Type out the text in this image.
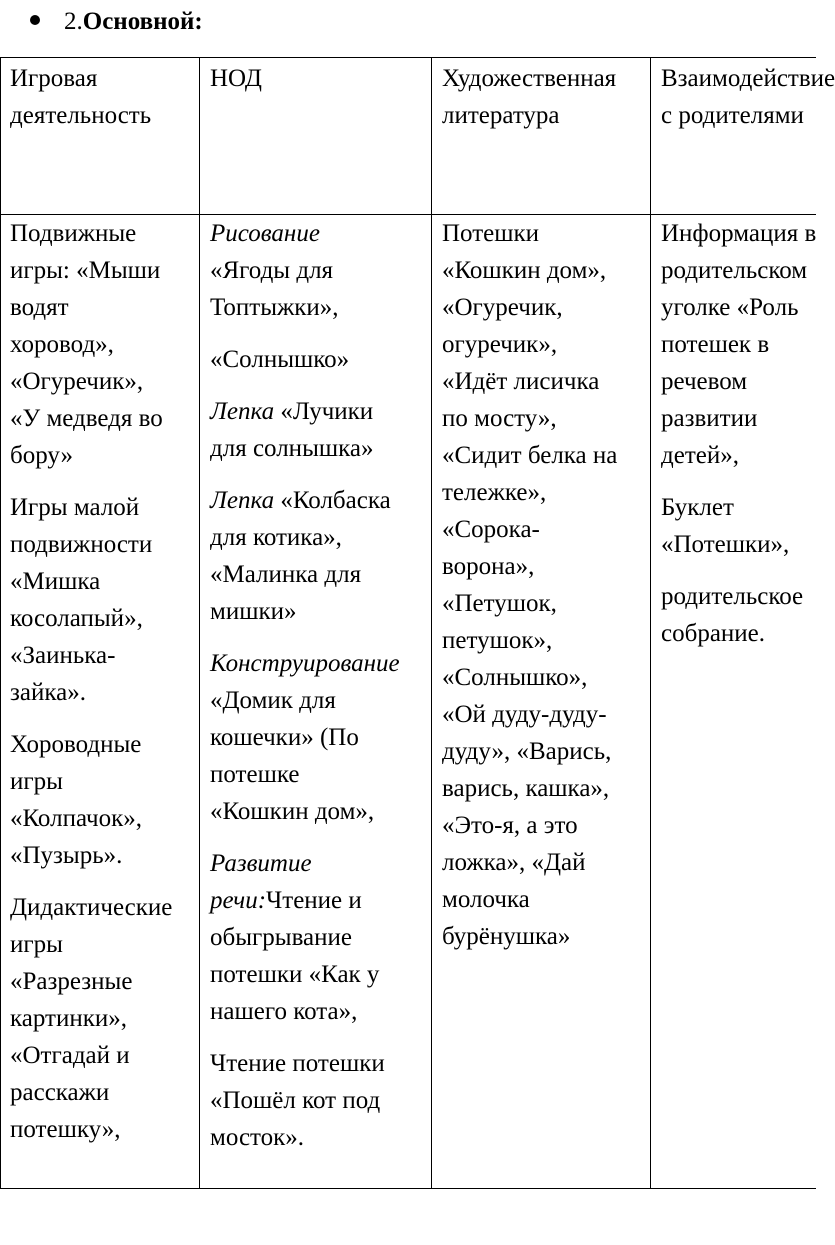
2.Основной:
Игровая
деятельность
НОД	Художественная
литература
Взаимодействие
с родителями
Подвижные
игры: «Мыши
водят
хоровод»,
«Огуречик»,
«У медведя во
бору»
Игры малой
подвижности
«Мишка
косолапый»,
«Заинька-
зайка».
Хороводные
игры
«Колпачок»,
«Пузырь».
Дидактические
игры
«Разрезные
картинки»,
«Отгадай и
расскажи
потешку»,
Рисование
«Ягоды для
Топтыжки»,
«Солнышко»
Лепка «Лучики
для солнышка»
Лепка «Колбаска
для котика»,
«Малинка для
мишки»
Конструирование
«Домик для
кошечки» (По
потешке
«Кошкин дом»,
Развитие
речи:Чтение и
обыгрывание
потешки «Как у
нашего кота»,
Чтение потешки
«Пошёл кот под
мосток».
Потешки
«Кошкин дом»,
«Огуречик,
огуречик»,
«Идёт лисичка
по мосту»,
«Сидит белка на
тележке»,
«Сорока-
ворона»,
«Петушок,
петушок»,
«Солнышко»,
«Ой дуду-дуду-
дуду», «Варись,
варись, кашка»,
«Это-я, а это
ложка», «Дай
молочка
бурёнушка»
Информация в
родительском
уголке «Роль
потешек в
речевом
развитии
детей»,
Буклет
«Потешки»,
родительское
собрание.
